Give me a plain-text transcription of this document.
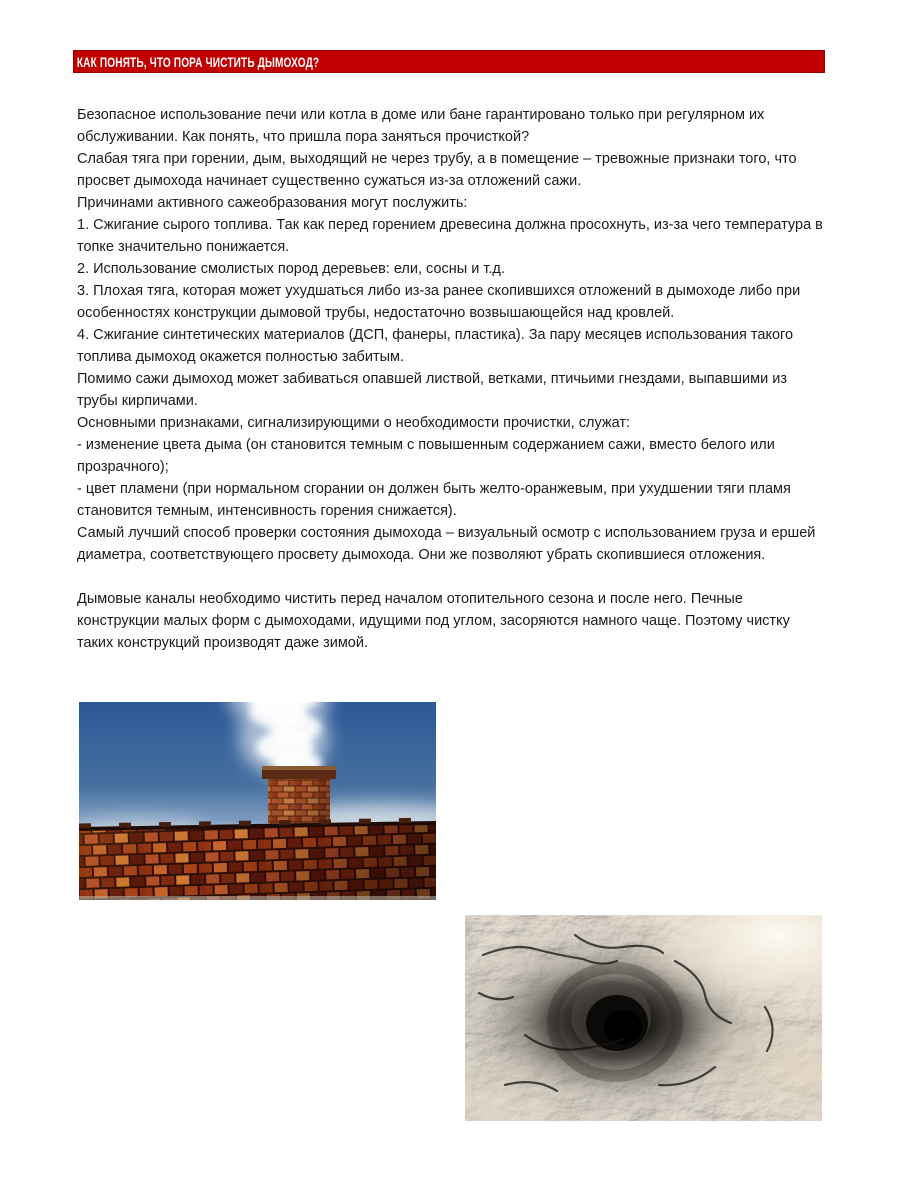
КАК ПОНЯТЬ, ЧТО ПОРА ЧИСТИТЬ ДЫМОХОД?

Безопасное использование печи или котла в доме или бане гарантировано только при регулярном их обслуживании. Как понять, что пришла пора заняться прочисткой?

Слабая тяга при горении, дым, выходящий не через трубу, а в помещение – тревожные признаки того, что просвет дымохода начинает существенно сужаться из-за отложений сажи.

Причинами активного сажеобразования могут послужить:

1. Сжигание сырого топлива. Так как перед горением древесина должна просохнуть, из-за чего температура в топке значительно понижается.

2. Использование смолистых пород деревьев: ели, сосны и т.д.

3. Плохая тяга, которая может ухудшаться либо из-за ранее скопившихся отложений в дымоходе либо при особенностях конструкции дымовой трубы, недостаточно возвышающейся над кровлей.

4. Сжигание синтетических материалов (ДСП, фанеры, пластика). За пару месяцев использования такого топлива дымоход окажется полностью забитым.

Помимо сажи дымоход может забиваться опавшей листвой, ветками, птичьими гнездами, выпавшими из трубы кирпичами.

Основными признаками, сигнализирующими о необходимости прочистки, служат:

- изменение цвета дыма (он становится темным с повышенным содержанием сажи, вместо белого или прозрачного);

- цвет пламени (при нормальном сгорании он должен быть желто-оранжевым, при ухудшении тяги пламя становится темным, интенсивность горения снижается).

Самый лучший способ проверки состояния дымохода – визуальный осмотр с использованием груза и ершей диаметра, соответствующего просвету дымохода. Они же позволяют убрать скопившиеся отложения.

Дымовые каналы необходимо чистить перед началом отопительного сезона и после него. Печные конструкции малых форм с дымоходами, идущими под углом, засоряются намного чаще. Поэтому чистку таких конструкций производят даже зимой.
